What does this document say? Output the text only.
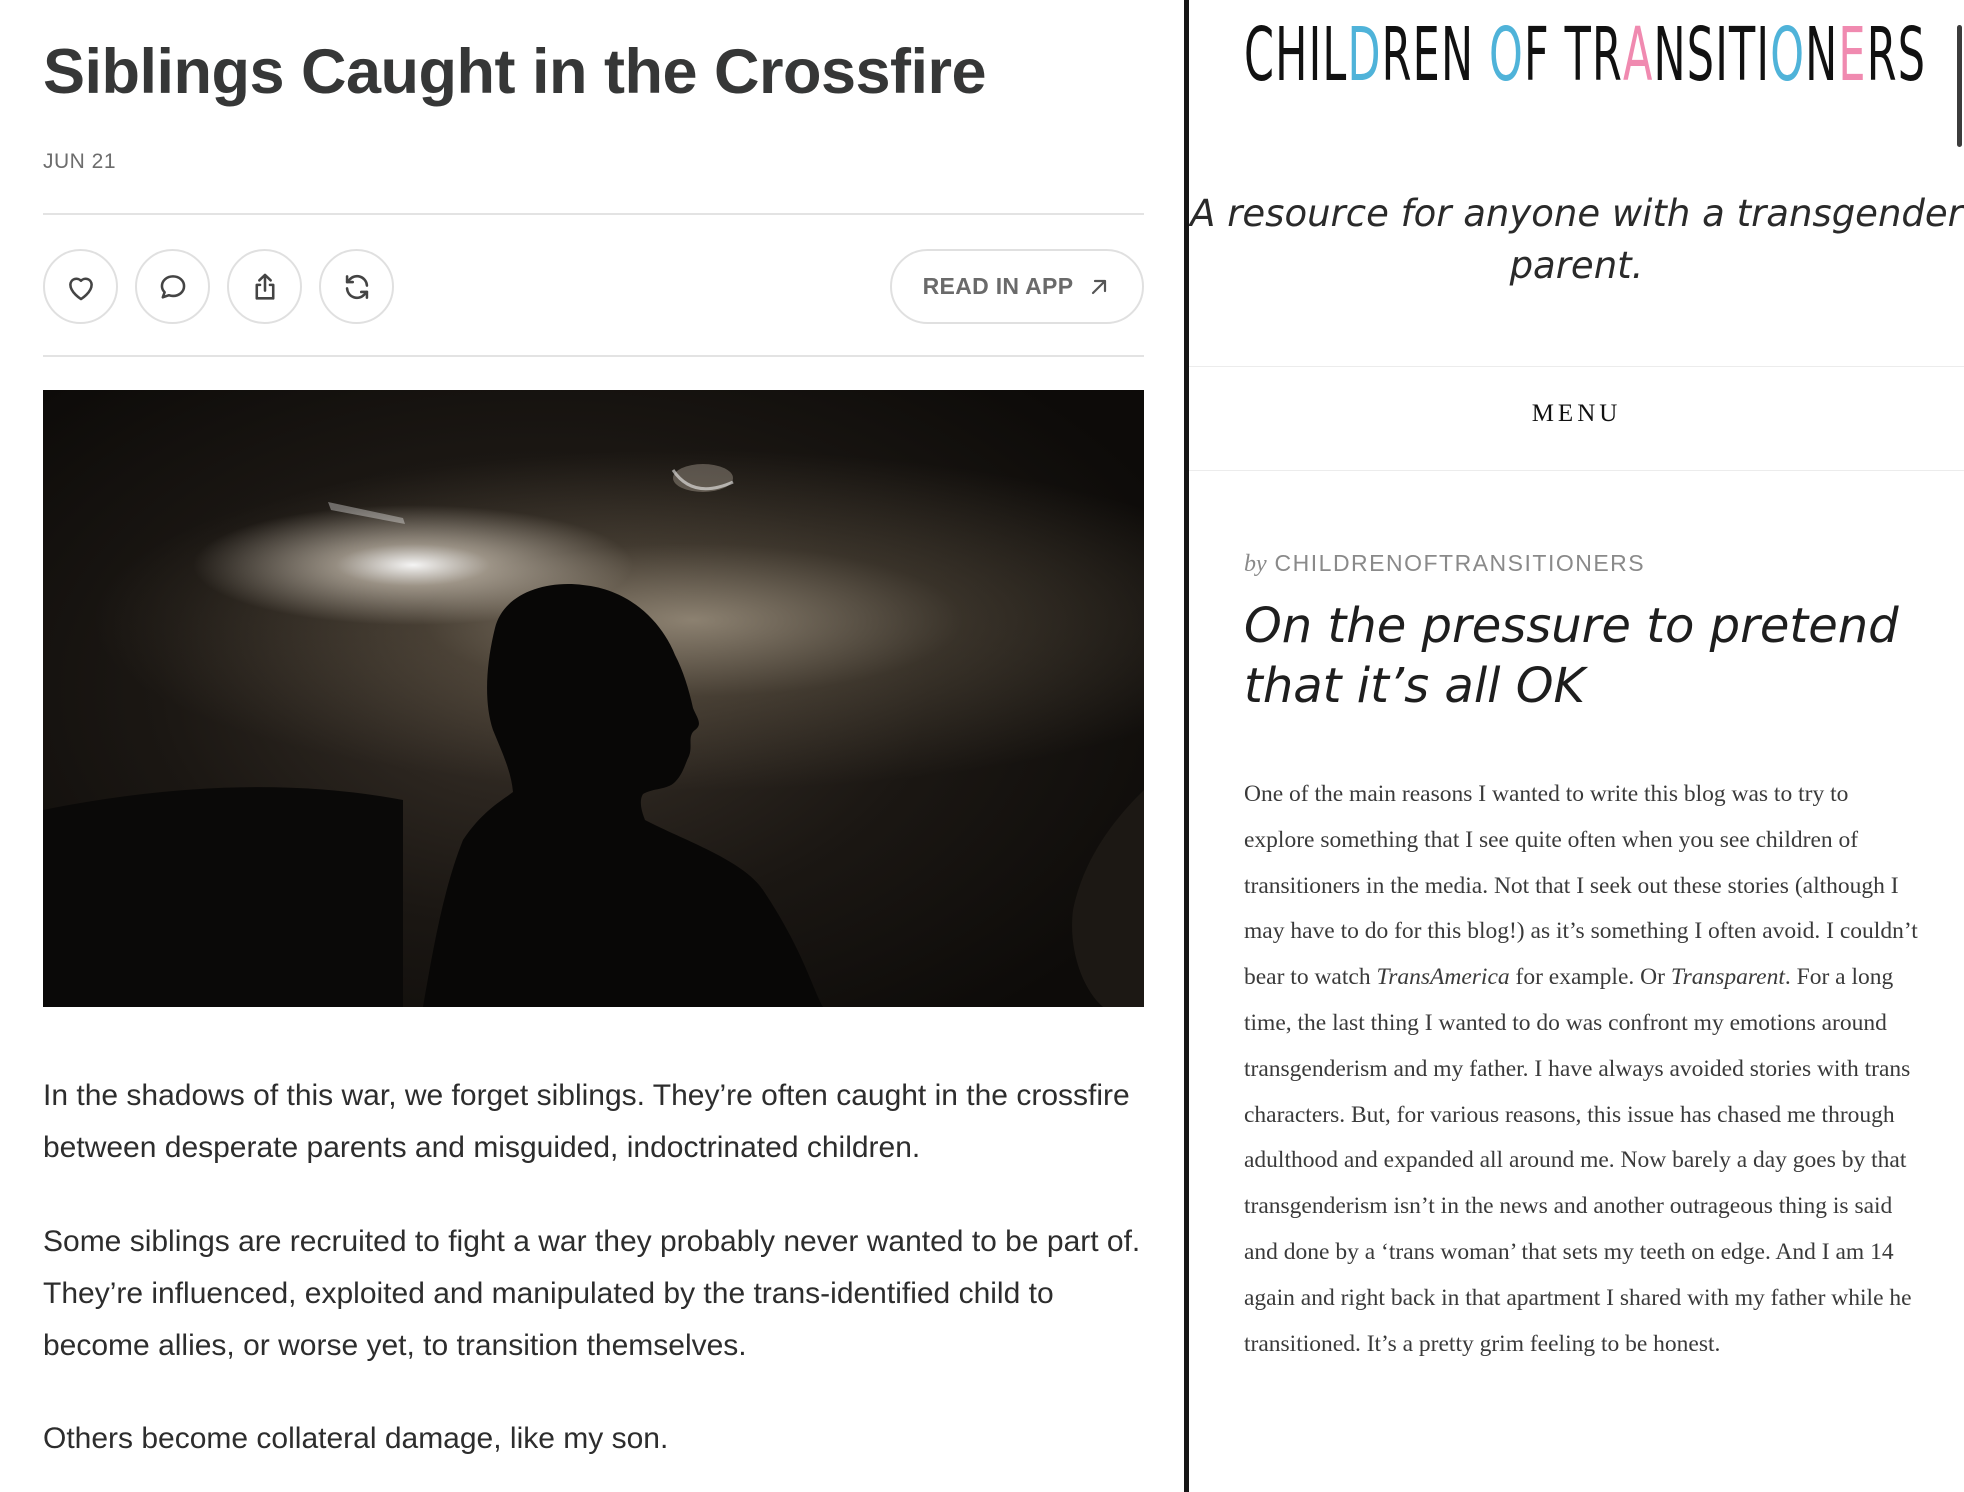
Siblings Caught in the Crossfire
JUN 21
READ IN APP

In the shadows of this war, we forget siblings. They’re often caught in the crossfire between desperate parents and misguided, indoctrinated children.

Some siblings are recruited to fight a war they probably never wanted to be part of. They’re influenced, exploited and manipulated by the trans-identified child to become allies, or worse yet, to transition themselves.

Others become collateral damage, like my son.

C H I L D R E N
O F
T R A N S I T I O N E R S
A resource for anyone with a transgender parent.
MENU
by CHILDRENOFTRANSITIONERS
On the pressure to pretend that it’s all OK
One of the main reasons I wanted to write this blog was to try to explore something that I see quite often when you see children of transitioners in the media. Not that I seek out these stories (although I may have to do for this blog!) as it’s something I often avoid. I couldn’t bear to watch TransAmerica for example. Or Transparent. For a long time, the last thing I wanted to do was confront my emotions around transgenderism and my father. I have always avoided stories with trans characters. But, for various reasons, this issue has chased me through adulthood and expanded all around me. Now barely a day goes by that transgenderism isn’t in the news and another outrageous thing is said and done by a ‘trans woman’ that sets my teeth on edge. And I am 14 again and right back in that apartment I shared with my father while he transitioned. It’s a pretty grim feeling to be honest.
